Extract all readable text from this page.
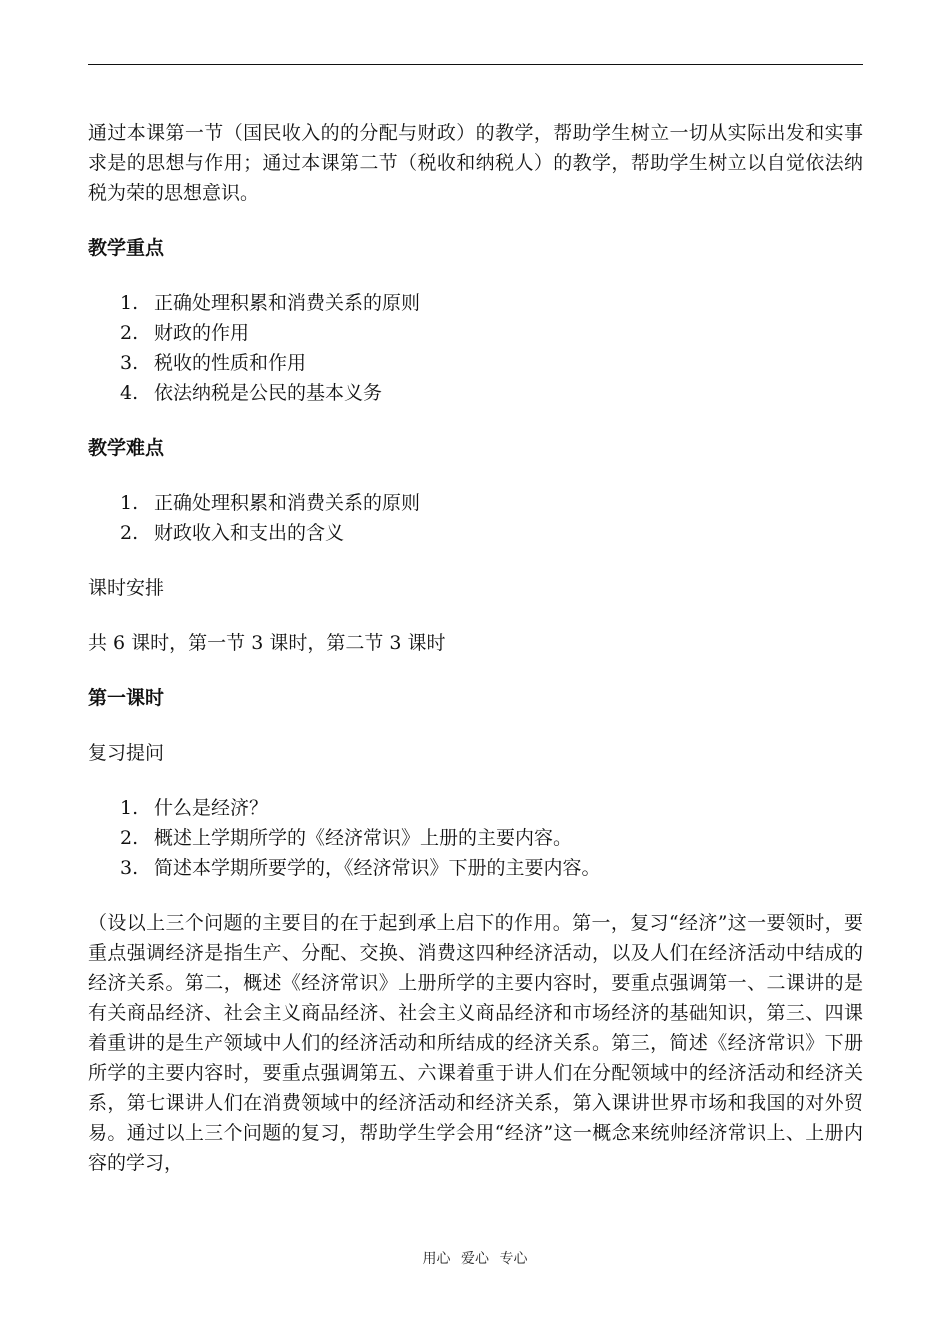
通过本课第一节（国民收入的的分配与财政）的教学，帮助学生树立一切从实际出发和实事求是的思想与作用；通过本课第二节（税收和纳税人）的教学，帮助学生树立以自觉依法纳税为荣的思想意识。

教学重点

1. 正确处理积累和消费关系的原则
2. 财政的作用
3. 税收的性质和作用
4. 依法纳税是公民的基本义务

教学难点

1. 正确处理积累和消费关系的原则
2. 财政收入和支出的含义

课时安排

共 6 课时，第一节 3 课时，第二节 3 课时

第一课时

复习提问

1. 什么是经济？
2. 概述上学期所学的《经济常识》上册的主要内容。
3. 简述本学期所要学的，《经济常识》下册的主要内容。

（设以上三个问题的主要目的在于起到承上启下的作用。第一，复习“经济”这一要领时，要重点强调经济是指生产、分配、交换、消费这四种经济活动，以及人们在经济活动中结成的经济关系。第二，概述《经济常识》上册所学的主要内容时，要重点强调第一、二课讲的是有关商品经济、社会主义商品经济、社会主义商品经济和市场经济的基础知识，第三、四课着重讲的是生产领域中人们的经济活动和所结成的经济关系。第三，简述《经济常识》下册所学的主要内容时，要重点强调第五、六课着重于讲人们在分配领域中的经济活动和经济关系，第七课讲人们在消费领域中的经济活动和经济关系，第入课讲世界市场和我国的对外贸易。通过以上三个问题的复习，帮助学生学会用“经济”这一概念来统帅经济常识上、上册内容的学习，

用心 爱心 专心
